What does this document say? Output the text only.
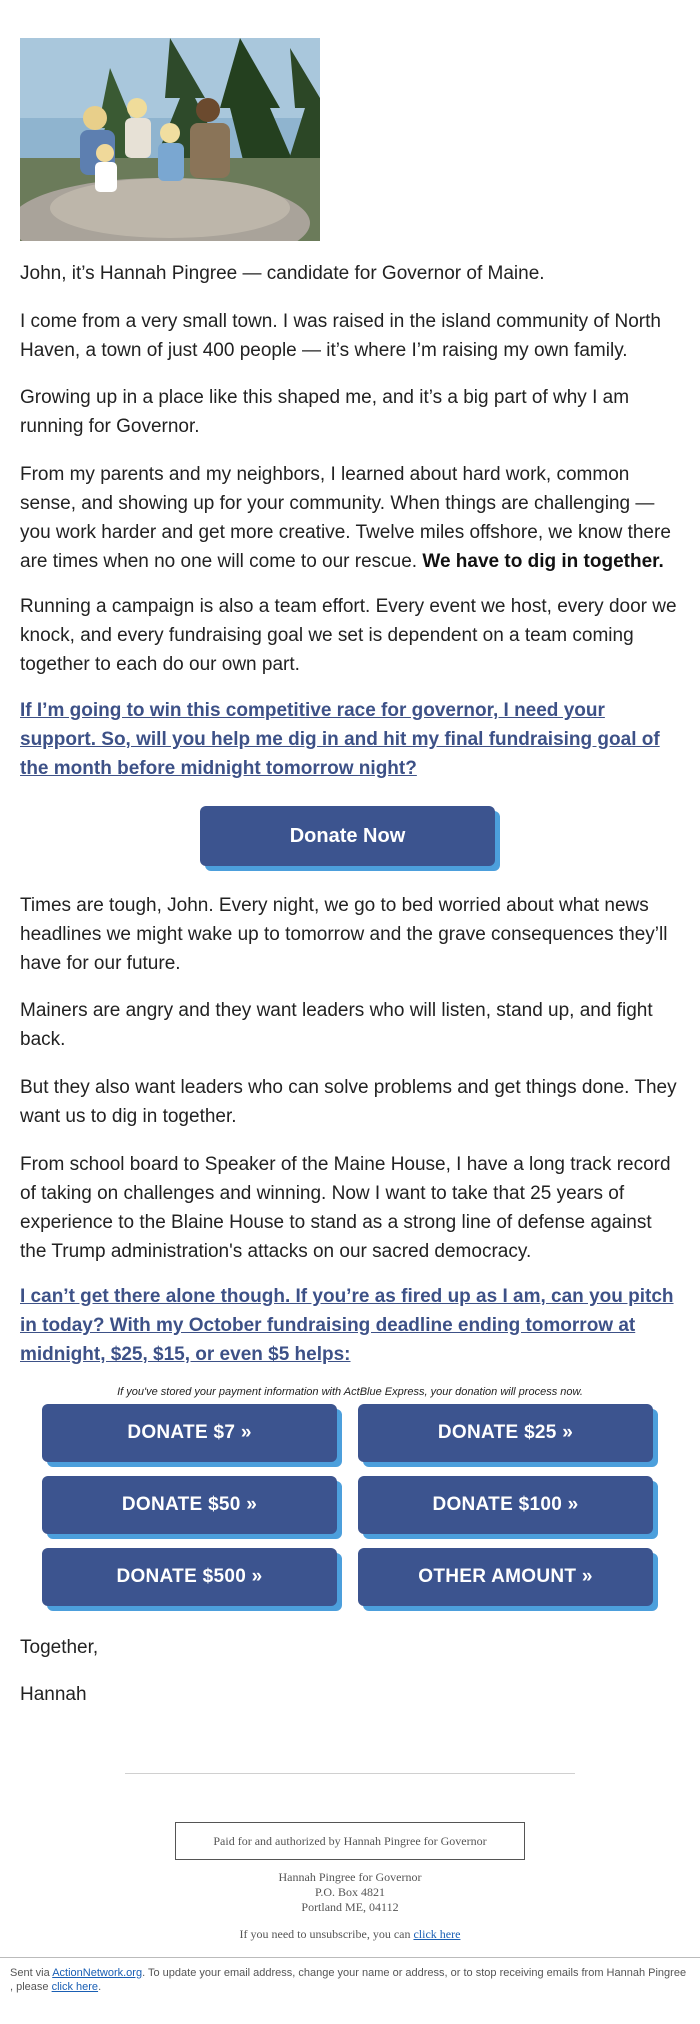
John, it’s Hannah Pingree — candidate for Governor of Maine.

I come from a very small town. I was raised in the island community of North Haven, a town of just 400 people — it’s where I’m raising my own family.

Growing up in a place like this shaped me, and it’s a big part of why I am running for Governor.

From my parents and my neighbors, I learned about hard work, common sense, and showing up for your community. When things are challenging — you work harder and get more creative. Twelve miles offshore, we know there are times when no one will come to our rescue. We have to dig in together.

Running a campaign is also a team effort. Every event we host, every door we knock, and every fundraising goal we set is dependent on a team coming together to each do our own part.

If I’m going to win this competitive race for governor, I need your support. So, will you help me dig in and hit my final fundraising goal of the month before midnight tomorrow night?

Donate Now

Times are tough, John. Every night, we go to bed worried about what news headlines we might wake up to tomorrow and the grave consequences they’ll have for our future.

Mainers are angry and they want leaders who will listen, stand up, and fight back.

But they also want leaders who can solve problems and get things done. They want us to dig in together.

From school board to Speaker of the Maine House, I have a long track record of taking on challenges and winning. Now I want to take that 25 years of experience to the Blaine House to stand as a strong line of defense against the Trump administration's attacks on our sacred democracy.

I can’t get there alone though. If you’re as fired up as I am, can you pitch in today? With my October fundraising deadline ending tomorrow at midnight, $25, $15, or even $5 helps:

If you've stored your payment information with ActBlue Express, your donation will process now.
DONATE $7 »	DONATE $25 »
DONATE $50 »	DONATE $100 »
DONATE $500 »	OTHER AMOUNT »
Together,
Hannah
Paid for and authorized by Hannah Pingree for Governor
Hannah Pingree for Governor
P.O. Box 4821
Portland ME, 04112
If you need to unsubscribe, you can click here
Sent via ActionNetwork.org. To update your email address, change your name or address, or to stop receiving emails from Hannah Pingree , please click here.
